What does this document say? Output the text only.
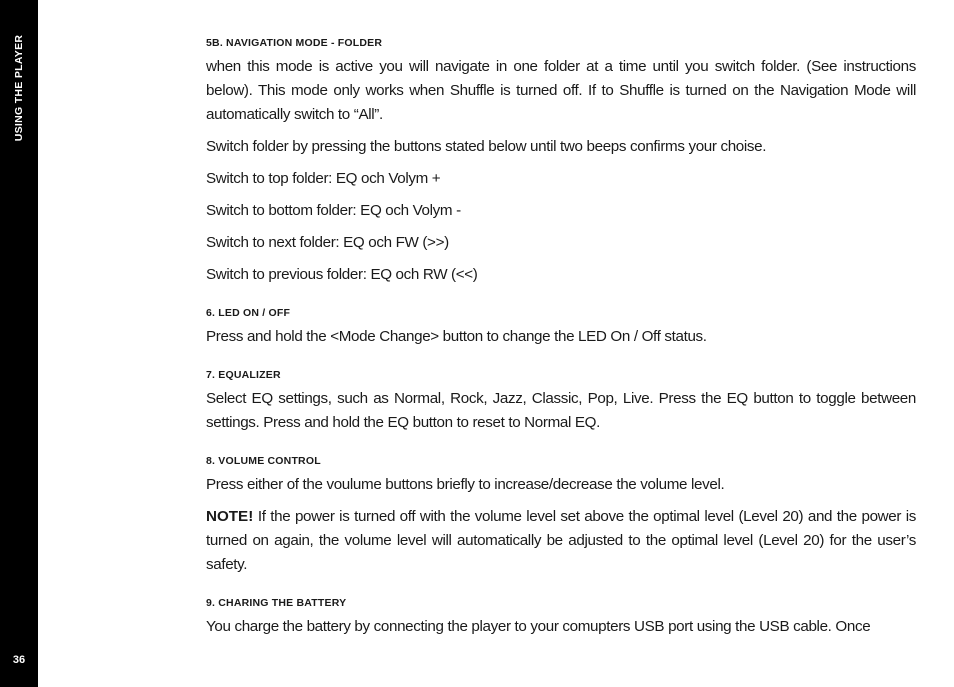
USING THE PLAYER
36
5B. NAVIGATION MODE - FOLDER

when this mode is active you will navigate in one folder at a time until you switch folder. (See instructions below). This mode only works when Shuffle is turned off. If to Shuffle is turned on the Navigation Mode will automatically switch to “All”.

Switch folder by pressing the buttons stated below until two beeps confirms your choise.

Switch to top folder: EQ och Volym +

Switch to bottom folder: EQ och Volym -

Switch to next folder: EQ och FW (>>)

Switch to previous folder: EQ och RW (<<)

6. LED ON / OFF

Press and hold the <Mode Change> button to change the LED On / Off status.

7. EQUALIZER

Select EQ settings, such as Normal, Rock, Jazz, Classic, Pop, Live. Press the EQ button to toggle between settings. Press and hold the EQ button to reset to Normal EQ.

8. VOLUME CONTROL

Press either of the voulume buttons briefly to increase/decrease the volume level.

NOTE! If the power is turned off with the volume level set above the optimal level (Level 20) and the power is turned on again, the volume level will automatically be adjusted to the optimal level (Level 20) for the user’s safety.

9. CHARING THE BATTERY

You charge the battery by connecting the player to your comupters USB port using the USB cable. Once
